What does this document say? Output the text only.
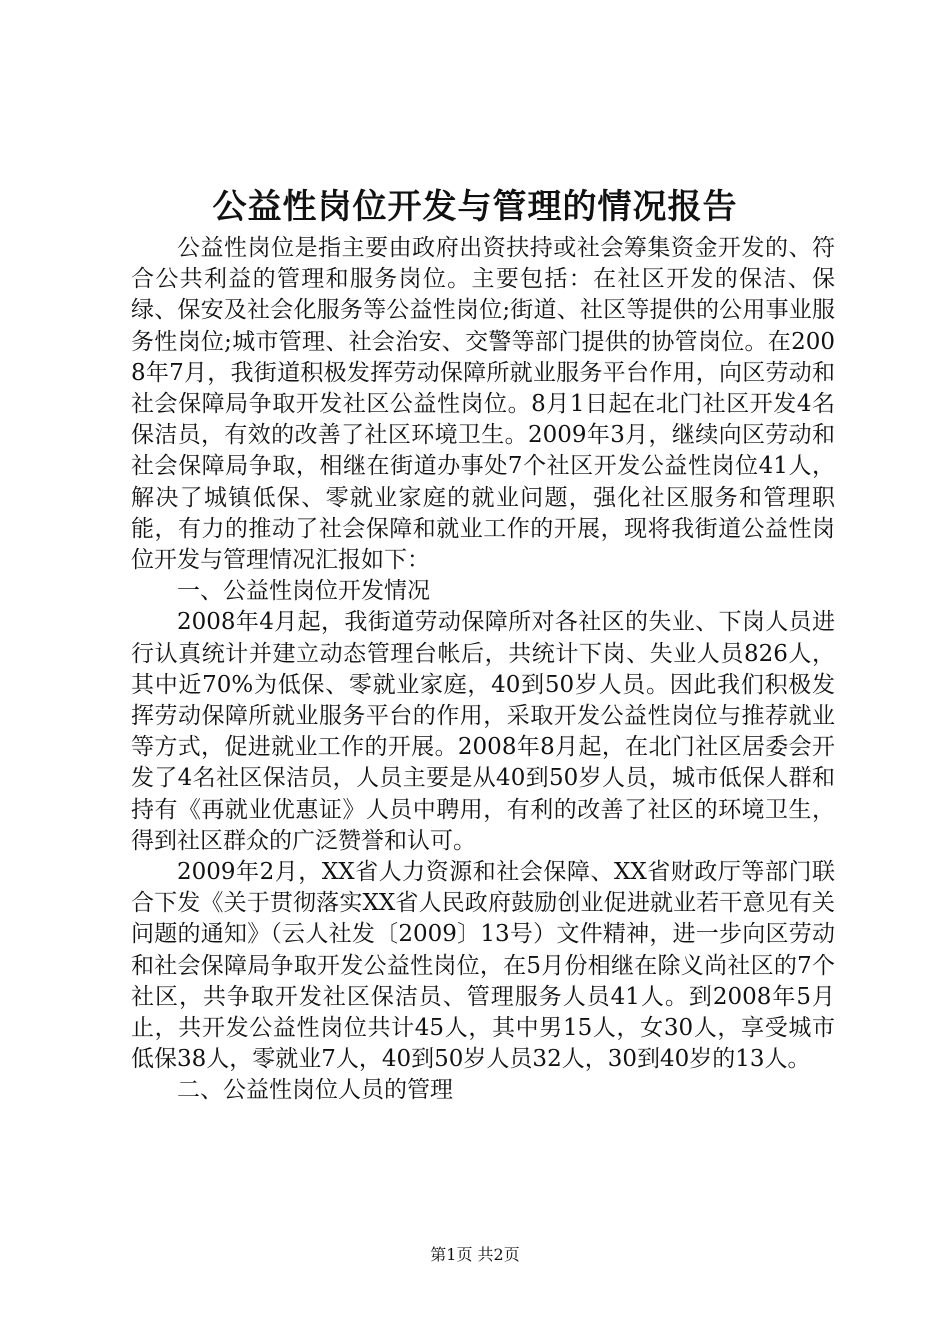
公益性岗位开发与管理的情况报告

公益性岗位是指主要由政府出资扶持或社会筹集资金开发的、符合公共利益的管理和服务岗位。主要包括：在社区开发的保洁、保绿、保安及社会化服务等公益性岗位;街道、社区等提供的公用事业服务性岗位;城市管理、社会治安、交警等部门提供的协管岗位。在2008年7月，我街道积极发挥劳动保障所就业服务平台作用，向区劳动和社会保障局争取开发社区公益性岗位。8月1日起在北门社区开发4名保洁员，有效的改善了社区环境卫生。2009年3月，继续向区劳动和社会保障局争取，相继在街道办事处7个社区开发公益性岗位41人，解决了城镇低保、零就业家庭的就业问题，强化社区服务和管理职能，有力的推动了社会保障和就业工作的开展，现将我街道公益性岗位开发与管理情况汇报如下：

一、公益性岗位开发情况

2008年4月起，我街道劳动保障所对各社区的失业、下岗人员进行认真统计并建立动态管理台帐后，共统计下岗、失业人员826人，其中近70%为低保、零就业家庭，40到50岁人员。因此我们积极发挥劳动保障所就业服务平台的作用，采取开发公益性岗位与推荐就业等方式，促进就业工作的开展。2008年8月起，在北门社区居委会开发了4名社区保洁员，人员主要是从40到50岁人员，城市低保人群和持有《再就业优惠证》人员中聘用，有利的改善了社区的环境卫生，得到社区群众的广泛赞誉和认可。

2009年2月，XX省人力资源和社会保障、XX省财政厅等部门联合下发《关于贯彻落实XX省人民政府鼓励创业促进就业若干意见有关问题的通知》（云人社发〔2009〕13号）文件精神，进一步向区劳动和社会保障局争取开发公益性岗位，在5月份相继在除义尚社区的7个社区，共争取开发社区保洁员、管理服务人员41人。到2008年5月止，共开发公益性岗位共计45人，其中男15人，女30人，享受城市低保38人，零就业7人，40到50岁人员32人，30到40岁的13人。

二、公益性岗位人员的管理

第1页 共2页
